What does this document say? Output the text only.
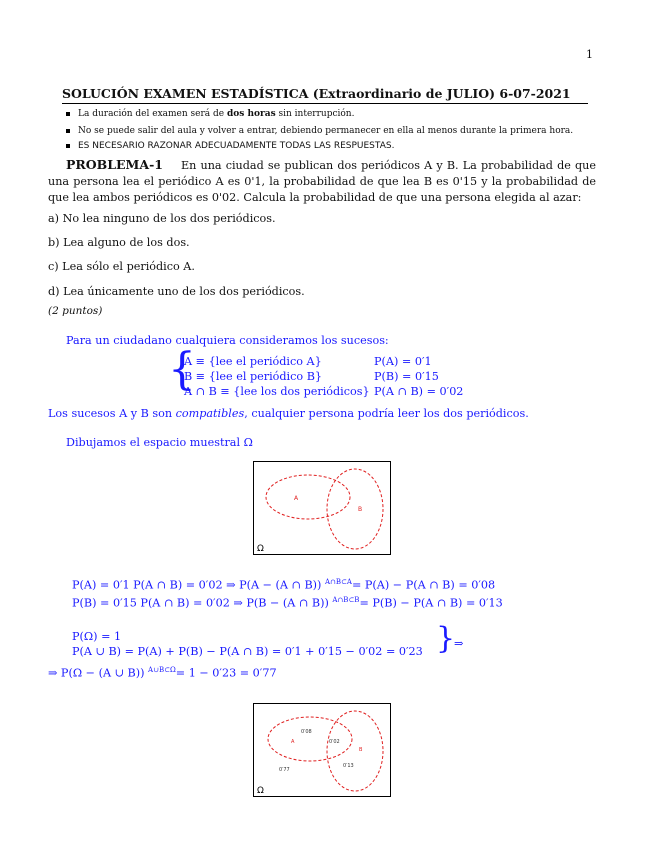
1
SOLUCIÓN EXAMEN ESTADÍSTICA (Extraordinario de JULIO) 6-07-2021
La duración del examen será de dos horas sin interrupción.
No se puede salir del aula y volver a entrar, debiendo permanecer en ella al menos durante la primera hora.
ES NECESARIO RAZONAR ADECUADAMENTE TODAS LAS RESPUESTAS.
PROBLEMA-1 En una ciudad se publican dos periódicos A y B. La probabilidad de que una persona lea el periódico A es 0'1, la probabilidad de que lea B es 0'15 y la probabilidad de que lea ambos periódicos es 0'02. Calcula la probabilidad de que una persona elegida al azar:
a) No lea ninguno de los dos periódicos.
b) Lea alguno de los dos.
c) Lea sólo el periódico A.
d) Lea únicamente uno de los dos periódicos.
(2 puntos)
Para un ciudadano cualquiera consideramos los sucesos:
{
A ≡ {lee el periódico A}	P(A) = 0′1
B ≡ {lee el periódico B}	P(B) = 0′15
A ∩ B ≡ {lee los dos periódicos} P(A ∩ B) = 0′02
Los sucesos A y B son compatibles, cualquier persona podría leer los dos periódicos.
Dibujamos el espacio muestral Ω
A
B
Ω
P(A) = 0′1 P(A ∩ B) = 0′02 ⇒ P(A − (A ∩ B)) $^{A\cap B\subset A}$= P(A) − P(A ∩ B) = 0′08
P(B) = 0′15 P(A ∩ B) = 0′02 ⇒ P(B − (A ∩ B)) $^{A\cap B\subset B}$= P(B) − P(A ∩ B) = 0′13
P(Ω) = 1
P(A ∪ B) = P(A) + P(B) − P(A ∩ B) = 0′1 + 0′15 − 0′02 = 0′23 }
⇒
⇒ P(Ω − (A ∪ B)) $^{A\cup B\subset\Omega}$= 1 − 0′23 = 0′77
0′08
A	0′02
B
0′13
0′77
Ω
